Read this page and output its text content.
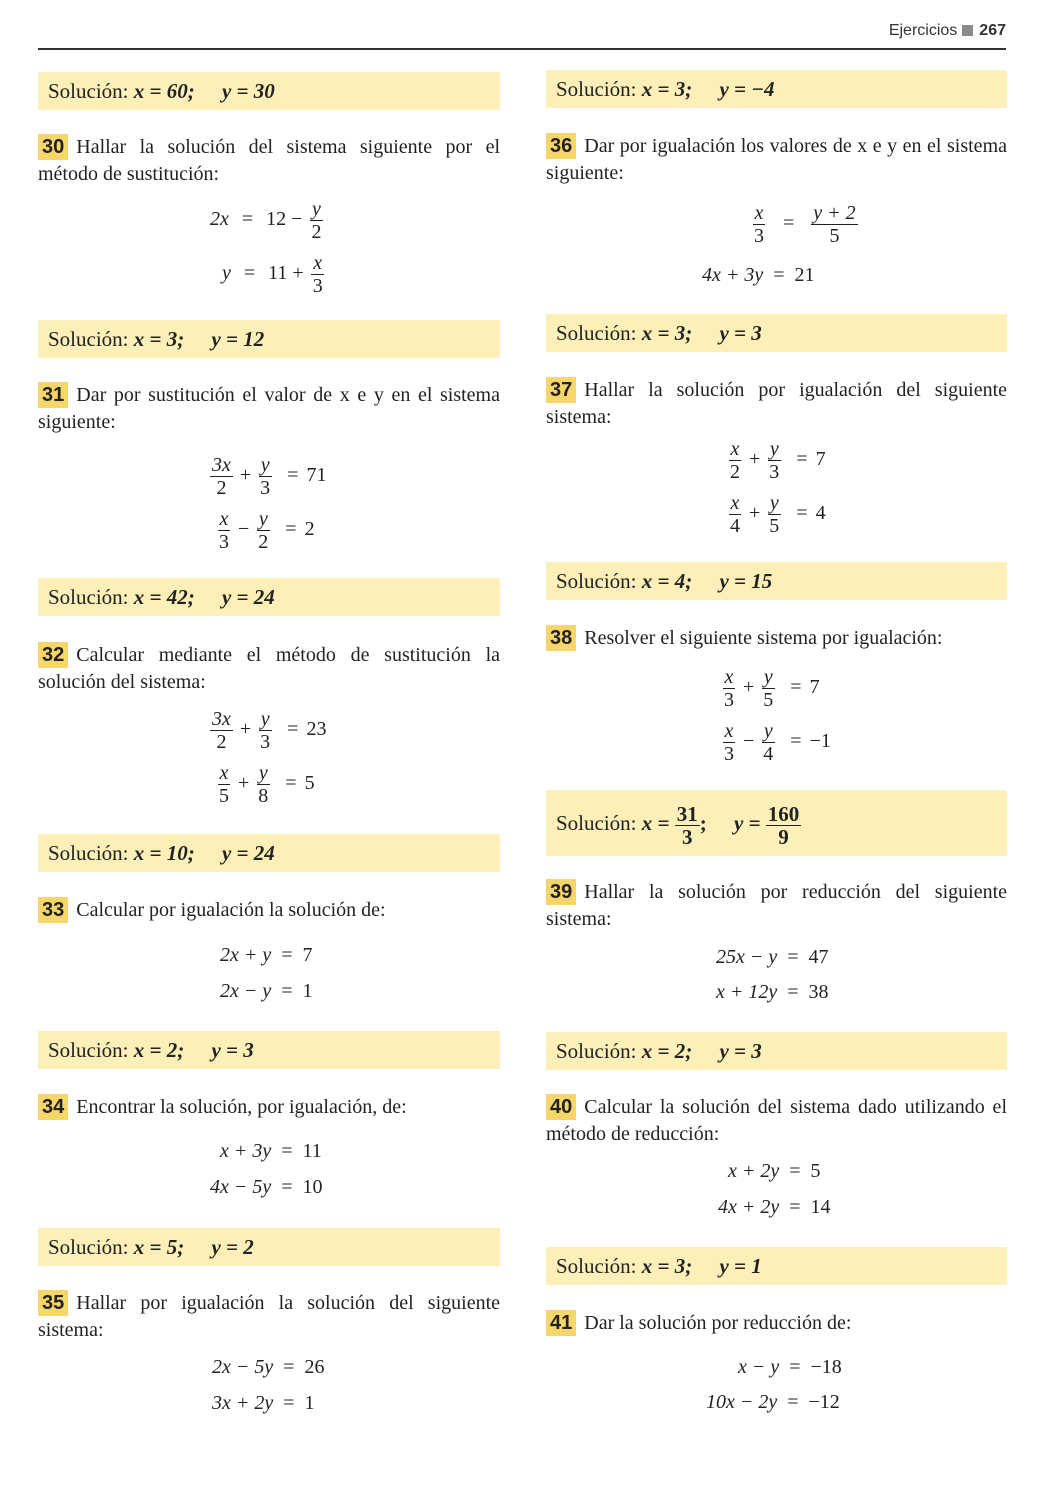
Ejercicios 267
Solución: x = 60; y = 30
30 Hallar la solución del sistema siguiente por el método de sustitución:
$2x = 12 - \frac{y}{2}$
$y = 11 + \frac{x}{3}$
Solución: x = 3; y = 12
31 Dar por sustitución el valor de x e y en el sistema siguiente:
$\frac{3x}{2} + \frac{y}{3} = 71$
$\frac{x}{3} - \frac{y}{2} = 2$
Solución: x = 42; y = 24
32 Calcular mediante el método de sustitución la solución del sistema:
$\frac{3x}{2} + \frac{y}{3} = 23$
$\frac{x}{5} + \frac{y}{8} = 5$
Solución: x = 10; y = 24
33 Calcular por igualación la solución de:
2x + y = 7
2x − y = 1
Solución: x = 2; y = 3
34 Encontrar la solución, por igualación, de:
x + 3y = 11
4x − 5y = 10
Solución: x = 5; y = 2
35 Hallar por igualación la solución del siguiente sistema:
2x − 5y = 26
3x + 2y = 1
Solución: x = 3; y = −4
36 Dar por igualación los valores de x e y en el sistema siguiente:
$\frac{x}{3} = \frac{y + 2}{5}$
4x + 3y = 21
Solución: x = 3; y = 3
37 Hallar la solución por igualación del siguiente sistema:
$\frac{x}{2} + \frac{y}{3} = 7$
$\frac{x}{4} + \frac{y}{5} = 4$
Solución: x = 4; y = 15
38 Resolver el siguiente sistema por igualación:
$\frac{x}{3} + \frac{y}{5} = 7$
$\frac{x}{3} - \frac{y}{4} = -1$
Solución: $x = \frac{31}{3}$ ; $y = \frac{160}{9}$
39 Hallar la solución por reducción del siguiente sistema:
25x − y = 47
x + 12y = 38
Solución: x = 2; y = 3
40 Calcular la solución del sistema dado utilizando el método de reducción:
x + 2y = 5
4x + 2y = 14
Solución: x = 3; y = 1
41 Dar la solución por reducción de:
x − y = −18
10x − 2y = −12
